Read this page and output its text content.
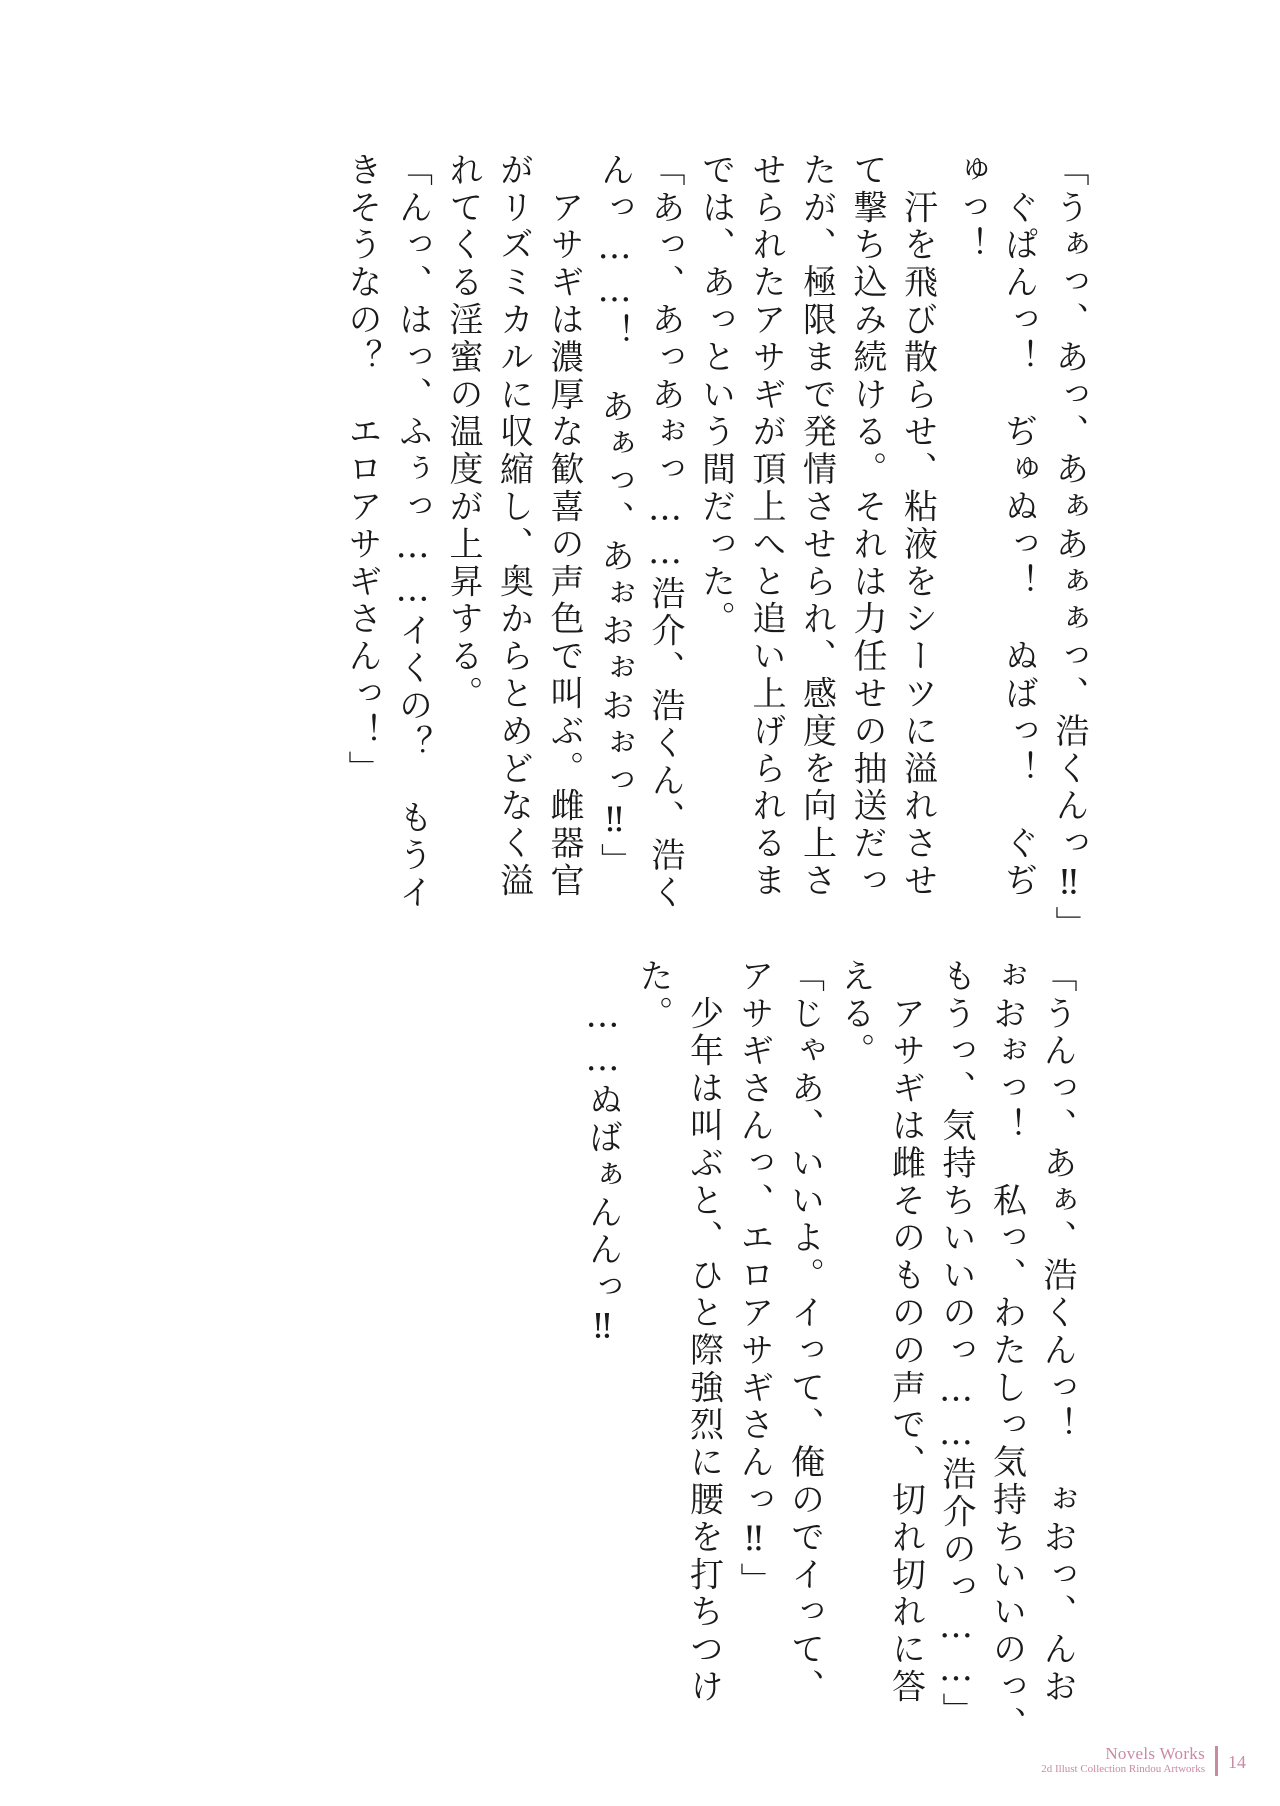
「うぁっ、あっ、あぁあぁぁっ、浩くんっ‼」

　ぐぱんっ！　ぢゅぬっ！　ぬばっ！　ぐぢ

ゅっ！

　汗を飛び散らせ、粘液をシーツに溢れさせ

て撃ち込み続ける。それは力任せの抽送だっ

たが、極限まで発情させられ、感度を向上さ

せられたアサギが頂上へと追い上げられるま

では、あっという間だった。

「あっ、あっあぉっ……浩介、浩くん、浩く

んっ……！　あぁっ、あぉおぉおぉっ‼」

　アサギは濃厚な歓喜の声色で叫ぶ。雌器官

がリズミカルに収縮し、奥からとめどなく溢

れてくる淫蜜の温度が上昇する。

「んっ、はっ、ふぅっ……イくの？　もうイ

きそうなの？　エロアサギさんっ！」

「うんっ、あぁ、浩くんっ！　ぉおっ、んお

ぉおぉっ！　私っ、わたしっ気持ちいいのっ、

もうっ、気持ちいいのっ……浩介のっ……」

　アサギは雌そのものの声で、切れ切れに答

える。

「じゃあ、いいよ。イって、俺のでイって、

アサギさんっ、エロアサギさんっ‼」

　少年は叫ぶと、ひと際強烈に腰を打ちつけ

た。

　……ぬばぁんんっ‼

Novels Works
2d Illust Collection Rindou Artworks 14
